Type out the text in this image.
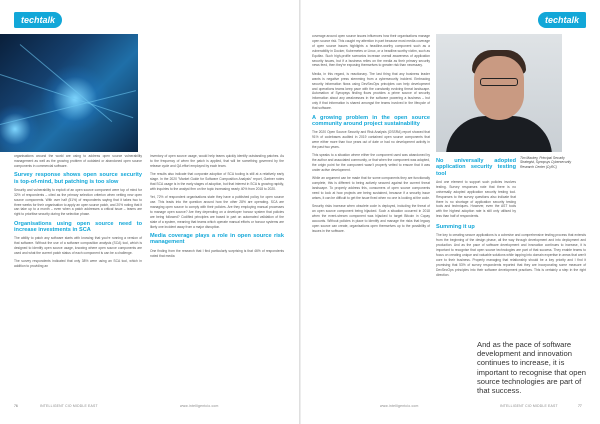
techtalk	techtalk
Tim Mackey, Principal Security Strategist, Synopsys Cybersecurity Research Center (CyRC)

organisations around the world are using to address open source vulnerability management as well as the growing problem of outdated or abandoned open source components in commercial software.

Survey response shows open source security is top-of-mind, but patching is too slow

Security and vulnerability to exploit of an open source component were top of mind for 32% of respondents – cited as the primary selection criterion when vetting new open source components. With over half (51%) of respondents saying that it takes two to three weeks for their organisation to apply an open source patch, and 20% noting that it can take up to a month – even when a patch addresses a critical issue – teams are right to prioritise security during the selection phase.

Organisations using open source need to increase investments in SCA

The ability to patch any software starts with knowing that you're running a version of that software. Without the use of a software composition analysis (SCA) tool, which is designed to identify open source usage, knowing where open source components are used and what the current patch status of each component is can be a challenge.

The survey respondents indicated that only 38% were using an SCA tool, which in addition to providing an

inventory of open source usage, would help teams quickly identify outstanding patches. As to the frequency of when the patch is applied, that will be something governed by the release cycle and QA effort employed by each team.

The results also indicate that corporate adoption of SCA tooling is still at a relatively early stage. In the 2020 "Market Guide for Software Composition Analysis" report, Gartner notes that SCA usage is in the early stages of adoption, but that interest in SCA is growing rapidly, with inquiries to the analyst firm on the topic increasing nearly 40% from 2018 to 2020.

Yet, 72% of respondent organisations state they have a published policy for open source use. This leads into the question around how the other 28% are operating. SCA are managing open source to comply with their policies. Are they employing manual processes to manage open source? Are they depending on a developer honour system that policies are being followed? Codified principles are based in part on automated validation of the state of a system, meaning that teams which operate manual efforts or honour systems are likely one incident away from a major disruption.

Media coverage plays a role in open source risk management

One finding from the research that I find particularly surprising is that 46% of respondents noted that media

coverage around open source issues influences how their organisations manage open source risk. This caught my attention in part because most media coverage of open source issues highlights a headline-worthy component such as a vulnerability in Docker, Kubernetes or Linux, or a headline-worthy victim, such as Equifax. Such high-profile scenarios increase overall awareness of application security issues, but if a business relies on the media as their primary security news feed, then they're exposing themselves to greater risk than necessary.

Media, in this regard, is reactionary. The last thing that any business leader wants is negative press stemming from a cybersecurity incident. Embracing security information flows using DevSecOps principles can help development and operations teams keep pace with the constantly evolving threat landscape. Automation of Synopsys finding flows provides a prime source of security information about any weaknesses in the software powering a business – but only if that information is shared amongst the teams involved in the lifecycle of that software.

A growing problem in the open source community around project sustainability

The 2020 Open Source Security and Risk Analysis (OSSRA) report showed that 91% of codebases audited in 2019 contained open source components that were either more than four years out of date or had no development activity in the past two years.

This speaks to a situation where either the component used was abandoned by the author and associated community, or that when the component was adopted, the origin point for the component wasn't properly vetted to ensure that it was under active development.

While an argument can be made that for some components they are functionally complete, this is different to being actively secured against the current threat landscape. To properly address this, consumers of open source components need to look at how projects are being sustained, because if a security issue arises, it can be difficult to get the issue fixed when no one is looking at the code.

Security risks increase when obsolete code is deployed, including the threat of an open source component being hijacked. Such a situation occurred in 2018 when the event-stream component was hijacked to target Bitcoin in Copay accounts. Without policies in place to identify and manage the risks that legacy open source can create, organisations open themselves up to the possibility of issues in the software.

No universally adopted application security testing tool

And one element to support such policies involves testing. Survey responses note that there is no universally adopted application security testing tool. Responses to the survey questions also indicate that there is no shortage of application security testing tools and techniques. However, even the AST tools with the highest adoption rate is still only utilised by less than half of respondents.

Summing it up

The key to creating secure applications is a cohesive and comprehensive testing process that extends from the beginning of the design phase, all the way through development and into deployment and production. And as the pace of software development and innovation continues to increase, it is important to recognise that open source technologies are part of that success. They enable teams to focus on creating unique and valuable solutions while tapping into domain expertise in areas that aren't core to their business. Properly managing that relationship should be a key priority and I find it promising that 53% of survey respondents reported that they are incorporating some measure of DevSecOps principles into their software development practices. This is certainly a step in the right direction.

And as the pace of software development and innovation continues to increase, it is important to recognise that open source technologies are part of that success.
76	INTELLIGENT CIO MIDDLE EAST	www.intelligentcio.com	www.intelligentcio.com	INTELLIGENT CIO MIDDLE EAST	77
